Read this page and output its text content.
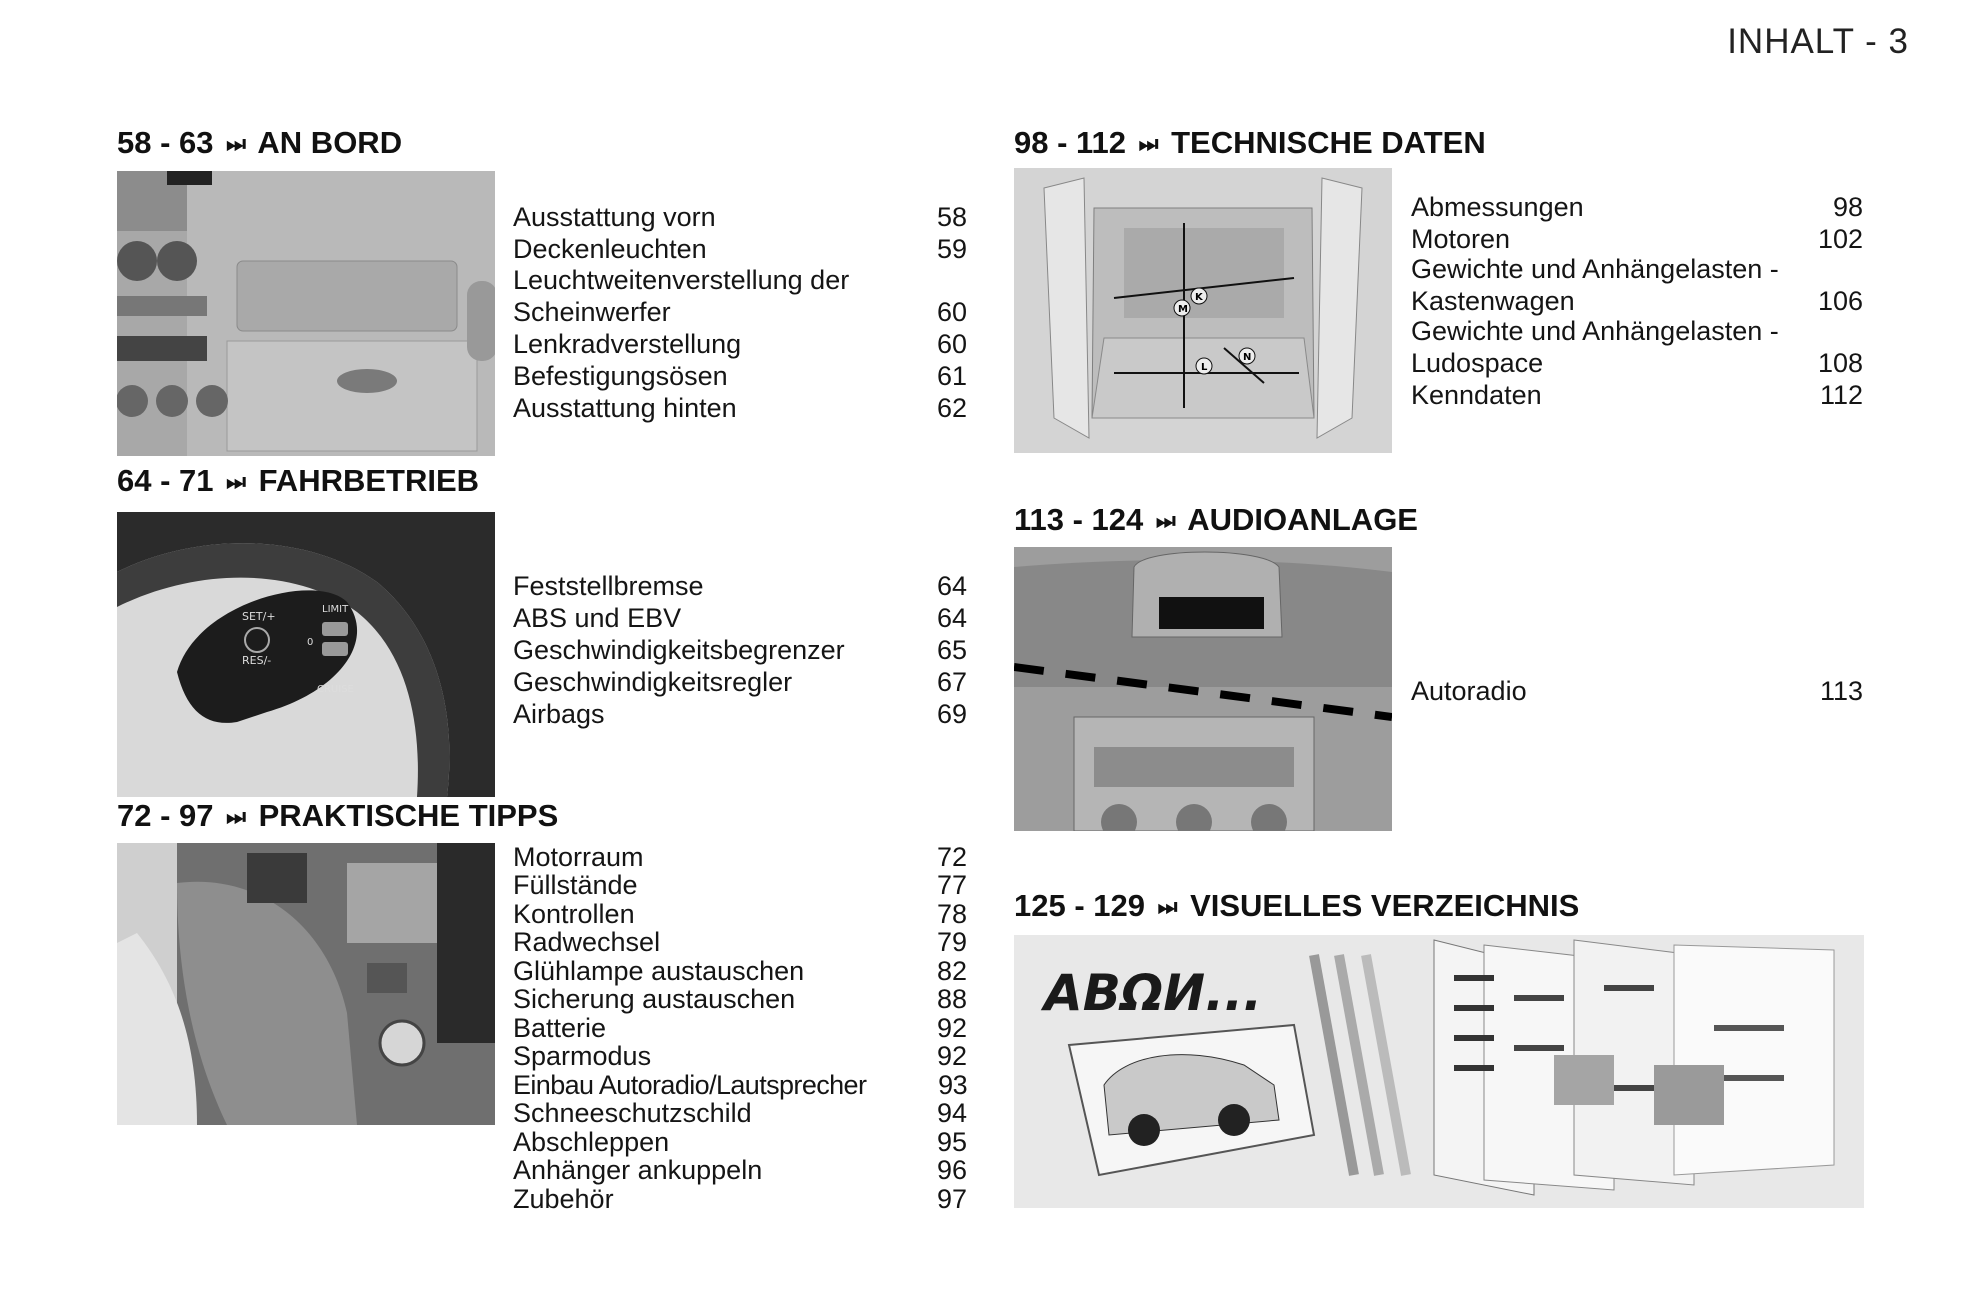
INHALT - 3
58 - 63 ⏭ AN BORD
Ausstattung vorn	58
Deckenleuchten	59
Leuchtweitenverstellung der
Scheinwerfer	60
Lenkradverstellung	60
Befestigungsösen	61
Ausstattung hinten	62
64 - 71 ⏭ FAHRBETRIEB
SET/+
LIMIT
RES/-
CRUISE
0
Feststellbremse	64
ABS und EBV	64
Geschwindigkeitsbegrenzer	65
Geschwindigkeitsregler	67
Airbags	69
72 - 97 ⏭ PRAKTISCHE TIPPS
Motorraum	72
Füllstände	77
Kontrollen	78
Radwechsel	79
Glühlampe austauschen	82
Sicherung austauschen	88
Batterie	92
Sparmodus	92
Einbau Autoradio/Lautsprecher	93
Schneeschutzschild	94
Abschleppen	95
Anhänger ankuppeln	96
Zubehör	97
98 - 112 ⏭ TECHNISCHE DATEN
M
K
N
L
Abmessungen	98
Motoren	102
Gewichte und Anhängelasten -
Kastenwagen	106
Gewichte und Anhängelasten -
Ludospace	108
Kenndaten	112
113 - 124 ⏭ AUDIOANLAGE
Autoradio	113
125 - 129 ⏭ VISUELLES VERZEICHNIS
ABΩИ...
